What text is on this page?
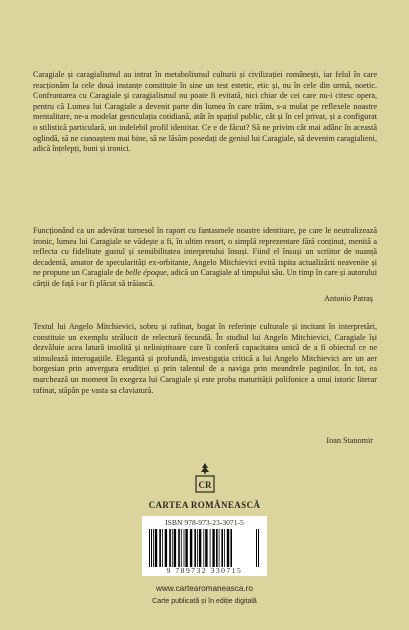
Caragiale și caragialismul au intrat în metabolismul culturii și civilizației românești, iar felul în care reacționăm la cele două instanțe constituie în sine un test estetic, etic și, nu în cele din urmă, noetic. Confruntarea cu Caragiale și caragialismul nu poate fi evitată, nici chiar de cei care nu-i citesc opera, pentru că Lumea lui Caragiale a devenit parte din lumea în care trăim, s-a mulat pe reflexele noastre mentalitare, ne-a modelat gesticulația cotidiană, atât în spațiul public, cât și în cel privat, și a configurat o stilistică particulară, un indelebil profil identitar. Ce e de făcut? Să ne privim cât mai adânc în această oglindă, să ne cunoaștem mai bine, să ne lăsăm posedați de geniul lui Caragiale, să devenim caragialieni, adică înțelepți, buni și ironici.

Funcționând ca un adevărat turnesol în raport cu fantasmele noastre identitare, pe care le neutralizează ironic, lumea lui Caragiale se vădește a fi, în ultim resort, o simplă reprezentare fără conținut, menită a reflecta cu fidelitate gustul și sensibilitatea interpretului însuși. Fiind el însuși un scriitor de nuanță decadentă, amator de specularități ex-orbitante, Angelo Mitchievici evită ispita actualizării neavenite și ne propune un Caragiale de belle époque, adică un Caragiale al timpului său. Un timp în care și autorului cărții de față i-ar fi plăcut să trăiască.

Antonio Patraș

Textul lui Angelo Mitchievici, sobru și rafinat, bogat în referințe culturale și incitant în interpretări, constituie un exemplu strălucit de relectură fecundă. În studiul lui Angelo Mitchievici, Caragiale își dezvăluie acea latură insolită și neliniștitoare care îi conferă capacitatea unică de a fi obiectul ce ne stimulează interogațiile. Elegantă și profundă, investigația critică a lui Angelo Mitchievici are un aer borgesian prin anvergura erudiției și prin talentul de a naviga prin meandrele paginilor. În tot, ea marchează un moment în exegeza lui Caragiale și este proba maturității polifonice a unui istoric literar rafinat, stăpân pe vasta sa claviatură.

Ioan Stanomir
CR
CARTEA ROMÂNEASCĂ
ISBN 978-973-23-3071-5
9 789732 330715
www.cartearomaneasca.ro
Carte publicată și în ediție digitală
